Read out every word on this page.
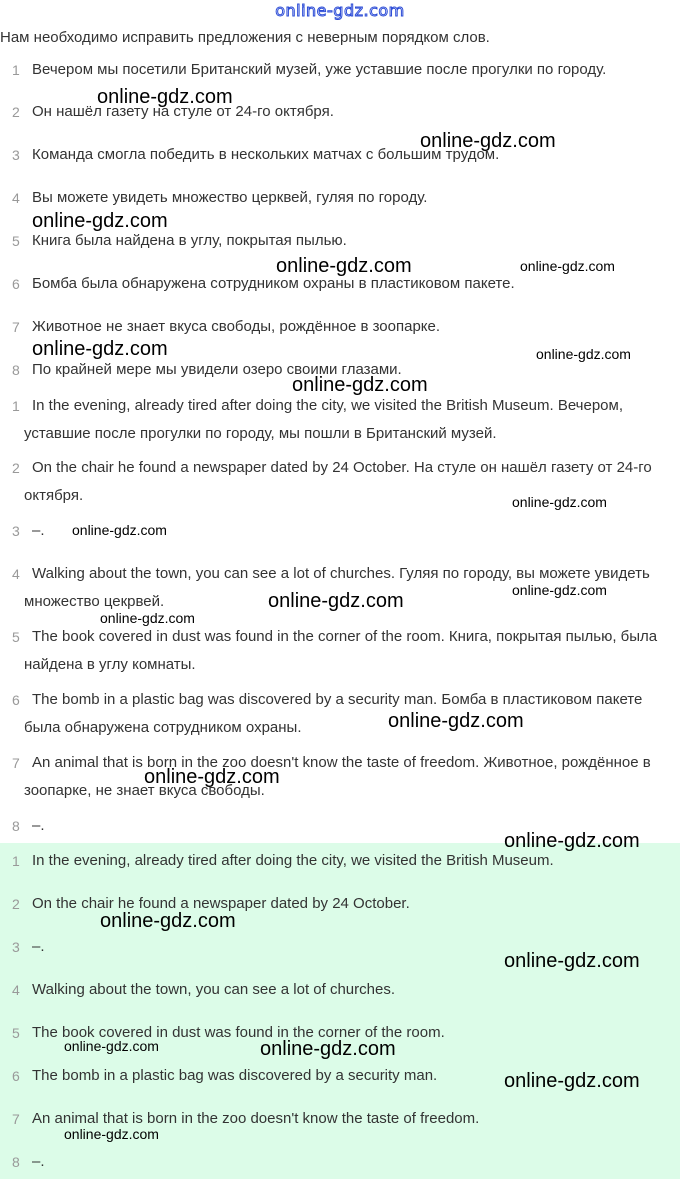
online-gdz.com
Нам необходимо исправить предложения с неверным порядком слов.
1 Вечером мы посетили Британский музей, уже уставшие после прогулки по городу.
2 Он нашёл газету на стуле от 24-го октября.
3 Команда смогла победить в нескольких матчах с большим трудом.
4 Вы можете увидеть множество церквей, гуляя по городу.
5 Книга была найдена в углу, покрытая пылью.
6 Бомба была обнаружена сотрудником охраны в пластиковом пакете.
7 Животное не знает вкуса свободы, рождённое в зоопарке.
8 По крайней мере мы увидели озеро своими глазами.
1 In the evening, already tired after doing the city, we visited the British Museum. Вечером, уставшие после прогулки по городу, мы пошли в Британский музей.
2 On the chair he found a newspaper dated by 24 October. На стуле он нашёл газету от 24-го октября.
3 –.
4 Walking about the town, you can see a lot of churches. Гуляя по городу, вы можете увидеть множество цекрвей.
5 The book covered in dust was found in the corner of the room. Книга, покрытая пылью, была найдена в углу комнаты.
6 The bomb in a plastic bag was discovered by a security man. Бомба в пластиковом пакете была обнаружена сотрудником охраны.
7 An animal that is born in the zoo doesn't know the taste of freedom. Животное, рождённое в зоопарке, не знает вкуса свободы.
8 –.
1 In the evening, already tired after doing the city, we visited the British Museum.
2 On the chair he found a newspaper dated by 24 October.
3 –.
4 Walking about the town, you can see a lot of churches.
5 The book covered in dust was found in the corner of the room.
6 The bomb in a plastic bag was discovered by a security man.
7 An animal that is born in the zoo doesn't know the taste of freedom.
8 –.
online-gdz.com
online-gdz.com
online-gdz.com
online-gdz.com
online-gdz.com
online-gdz.com
online-gdz.com
online-gdz.com
online-gdz.com
online-gdz.com
online-gdz.com
online-gdz.com
online-gdz.com
online-gdz.com
online-gdz.com
online-gdz.com
online-gdz.com
online-gdz.com
online-gdz.com
online-gdz.com
online-gdz.com
online-gdz.com
